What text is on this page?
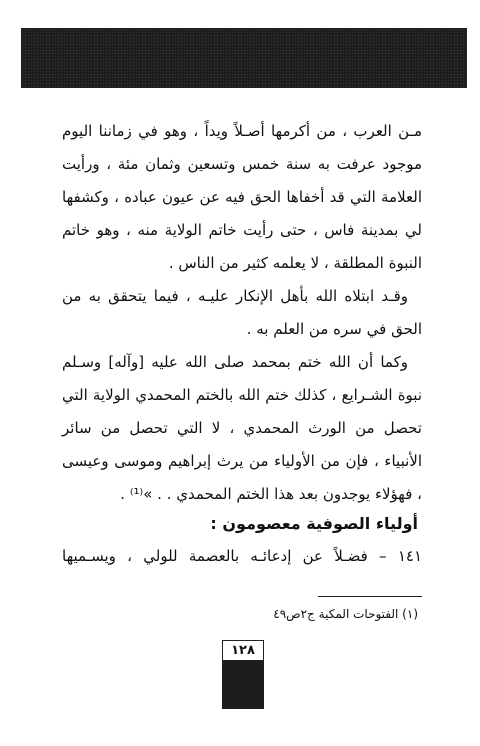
مـن العرب ، من أكرمها أصـلاً ويداً ، وهو في زماننا اليوم موجود عرفت به سنة خمس وتسعين وثمان مئة ، ورأيت العلامة التي قد أخفاها الحق فيه عن عيون عباده ، وكشفها لي بمدينة فاس ، حتى رأيت خاتم الولاية منه ، وهو خاتم النبوة المطلقة ، لا يعلمه كثير من الناس .

وقـد ابتلاه الله بأهل الإنكار عليـه ، فيما يتحقق به من الحق في سره من العلم به .

وكما أن الله ختم بمحمد صلى الله عليه [وآله] وسـلم نبوة الشـرايع ، كذلك ختم الله بالختم المحمدي الولاية التي تحصل من الورث المحمدي ، لا التي تحصل من سائر الأنبياء ، فإن من الأولياء من يرث إبراهيم وموسى وعيسى ، فهؤلاء يوجدون بعد هذا الختم المحمدي . . »⁽¹⁾ .

أولياء الصوفية معصومون :

١٤١ – فضـلاً عن إدعائـه بالعصمة للولي ، ويسـميها

(١) الفتوحات المكية ج٢ص٤٩
١٢٨
